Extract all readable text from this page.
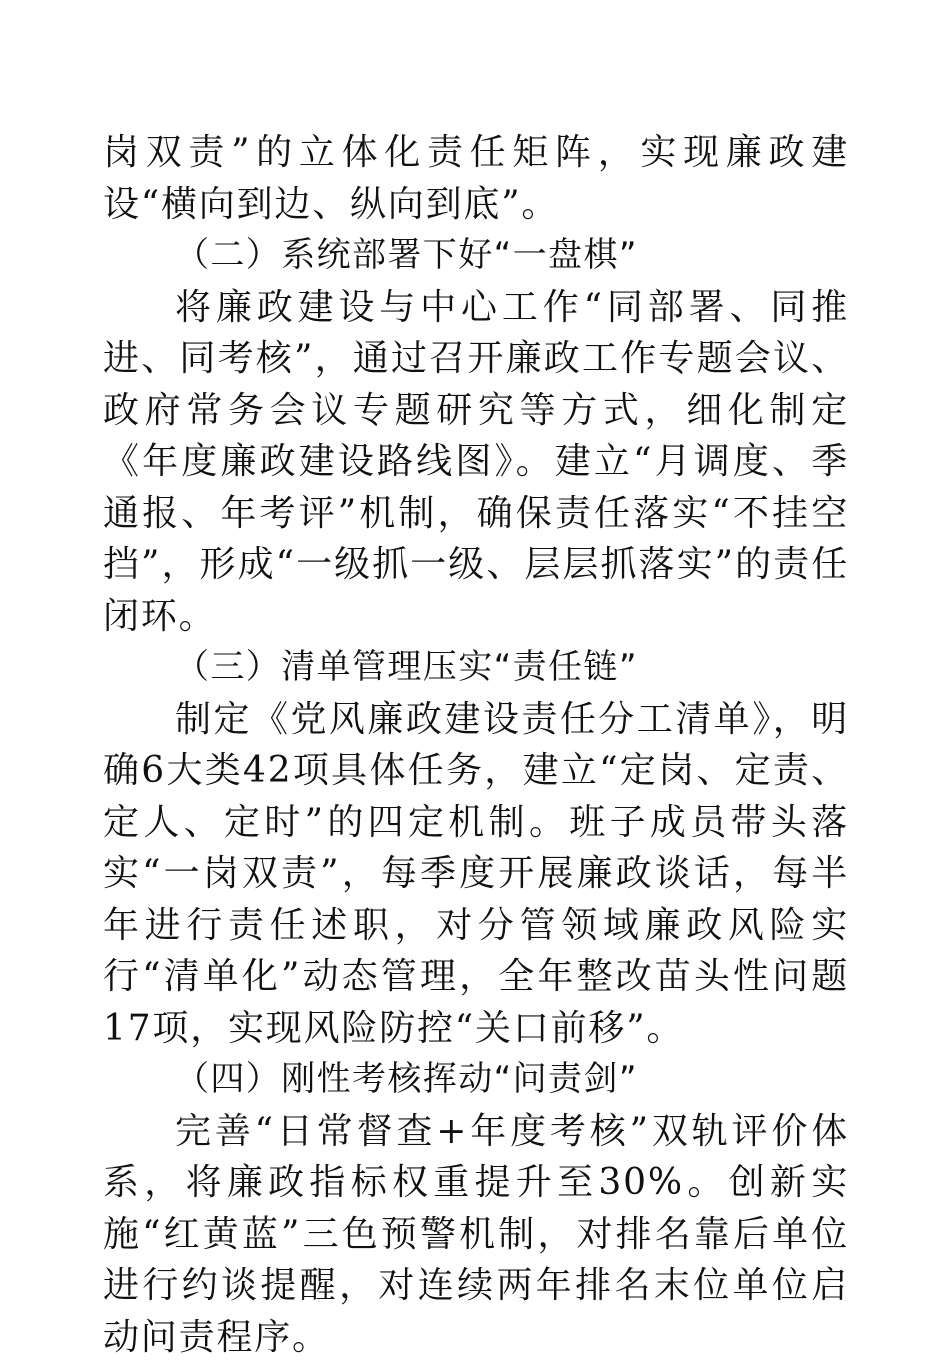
岗双责”的立体化责任矩阵，实现廉政建设“横向到边、纵向到底”。

（二）系统部署下好“一盘棋”

将廉政建设与中心工作“同部署、同推进、同考核”，通过召开廉政工作专题会议、政府常务会议专题研究等方式，细化制定《年度廉政建设路线图》。建立“月调度、季通报、年考评”机制，确保责任落实“不挂空挡”，形成“一级抓一级、层层抓落实”的责任闭环。

（三）清单管理压实“责任链”

制定《党风廉政建设责任分工清单》，明确6大类42项具体任务，建立“定岗、定责、定人、定时”的四定机制。班子成员带头落实“一岗双责”，每季度开展廉政谈话，每半年进行责任述职，对分管领域廉政风险实行“清单化”动态管理，全年整改苗头性问题17项，实现风险防控“关口前移”。

（四）刚性考核挥动“问责剑”

完善“日常督查+年度考核”双轨评价体系，将廉政指标权重提升至30%。创新实施“红黄蓝”三色预警机制，对排名靠后单位进行约谈提醒，对连续两年排名末位单位启动问责程序。
